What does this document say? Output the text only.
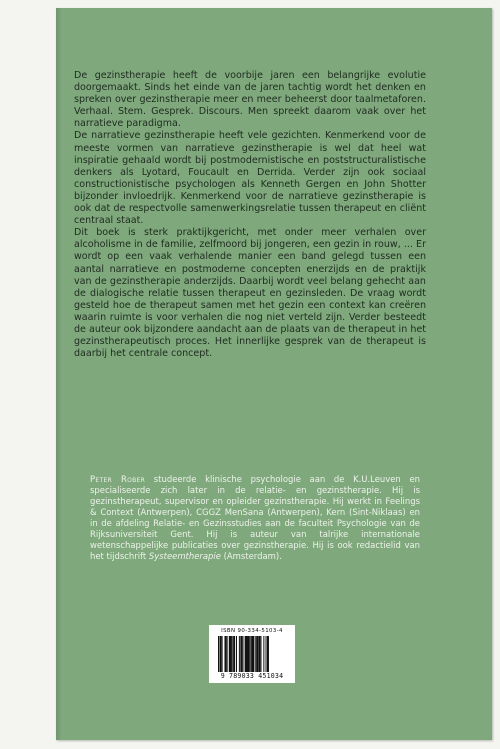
De gezinstherapie heeft de voorbije jaren een belangrijke evolutie doorgemaakt. Sinds het einde van de jaren tachtig wordt het denken en spreken over gezinstherapie meer en meer beheerst door taalmetaforen. Verhaal. Stem. Gesprek. Discours. Men spreekt daarom vaak over het narratieve paradigma.

De narratieve gezinstherapie heeft vele gezichten. Kenmerkend voor de meeste vormen van narratieve gezinstherapie is wel dat heel wat inspiratie gehaald wordt bij postmodernistische en poststructuralistische denkers als Lyotard, Foucault en Derrida. Verder zijn ook sociaal constructionistische psychologen als Kenneth Gergen en John Shotter bijzonder invloedrijk. Kenmerkend voor de narratieve gezinstherapie is ook dat de respectvolle samenwerkingsrelatie tussen therapeut en cliënt centraal staat.

Dit boek is sterk praktijkgericht, met onder meer verhalen over alcoholisme in de familie, zelfmoord bij jongeren, een gezin in rouw, ... Er wordt op een vaak verhalende manier een band gelegd tussen een aantal narratieve en postmoderne concepten enerzijds en de praktijk van de gezinstherapie anderzijds. Daarbij wordt veel belang gehecht aan de dialogische relatie tussen therapeut en gezinsleden. De vraag wordt gesteld hoe de therapeut samen met het gezin een context kan creëren waarin ruimte is voor verhalen die nog niet verteld zijn. Verder besteedt de auteur ook bijzondere aandacht aan de plaats van de therapeut in het gezinstherapeutisch proces. Het innerlijke gesprek van de therapeut is daarbij het centrale concept.

Peter Rober studeerde klinische psychologie aan de K.U.Leuven en specialiseerde zich later in de relatie- en gezinstherapie. Hij is gezinstherapeut, supervisor en opleider gezinstherapie. Hij werkt in Feelings & Context (Antwerpen), CGGZ MenSana (Antwerpen), Kern (Sint-Niklaas) en in de afdeling Relatie- en Gezinsstudies aan de faculteit Psychologie van de Rijksuniversiteit Gent. Hij is auteur van talrijke internationale wetenschappelijke publicaties over gezinstherapie. Hij is ook redactielid van het tijdschrift Systeemtherapie (Amsterdam).

ISBN 90-334-5103-4
9 789033 451034
